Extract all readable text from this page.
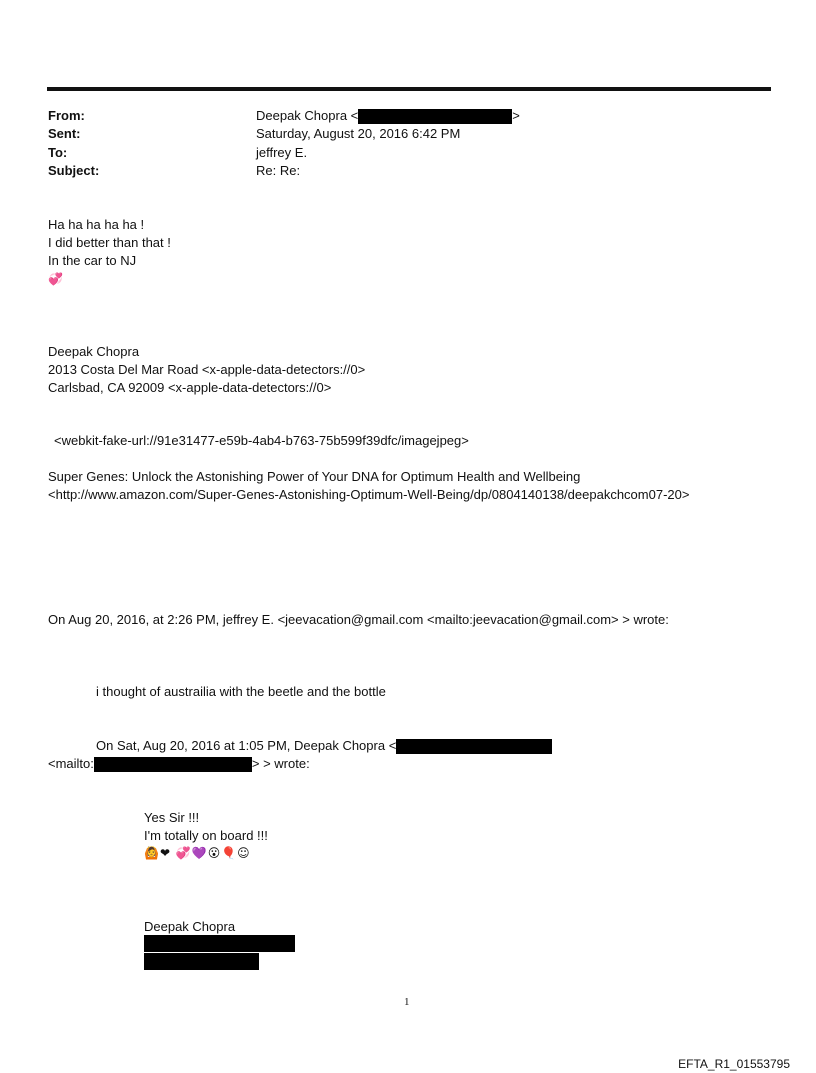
From:	Deepak Chopra <	>
Sent:	Saturday, August 20, 2016 6:42 PM
To:	jeffrey E.
Subject:	Re: Re:
Ha ha ha ha ha !
I did better than that !
In the car to NJ
💞
Deepak Chopra
2013 Costa Del Mar Road <x-apple-data-detectors://0>
Carlsbad, CA 92009 <x-apple-data-detectors://0>
<webkit-fake-url://91e31477-e59b-4ab4-b763-75b599f39dfc/imagejpeg>
Super Genes: Unlock the Astonishing Power of Your DNA for Optimum Health and Wellbeing
<http://www.amazon.com/Super-Genes-Astonishing-Optimum-Well-Being/dp/0804140138/deepakchcom07-20>
On Aug 20, 2016, at 2:26 PM, jeffrey E. <jeevacation@gmail.com <mailto:jeevacation@gmail.com> > wrote:
i thought of austrailia with the beetle and the bottle
On Sat, Aug 20, 2016 at 1:05 PM, Deepak Chopra <
<mailto:	> > wrote:
Yes Sir !!!
I'm totally on board !!!
🙆❤ 💞💜😮🎈☺
Deepak Chopra
1
EFTA_R1_01553795
